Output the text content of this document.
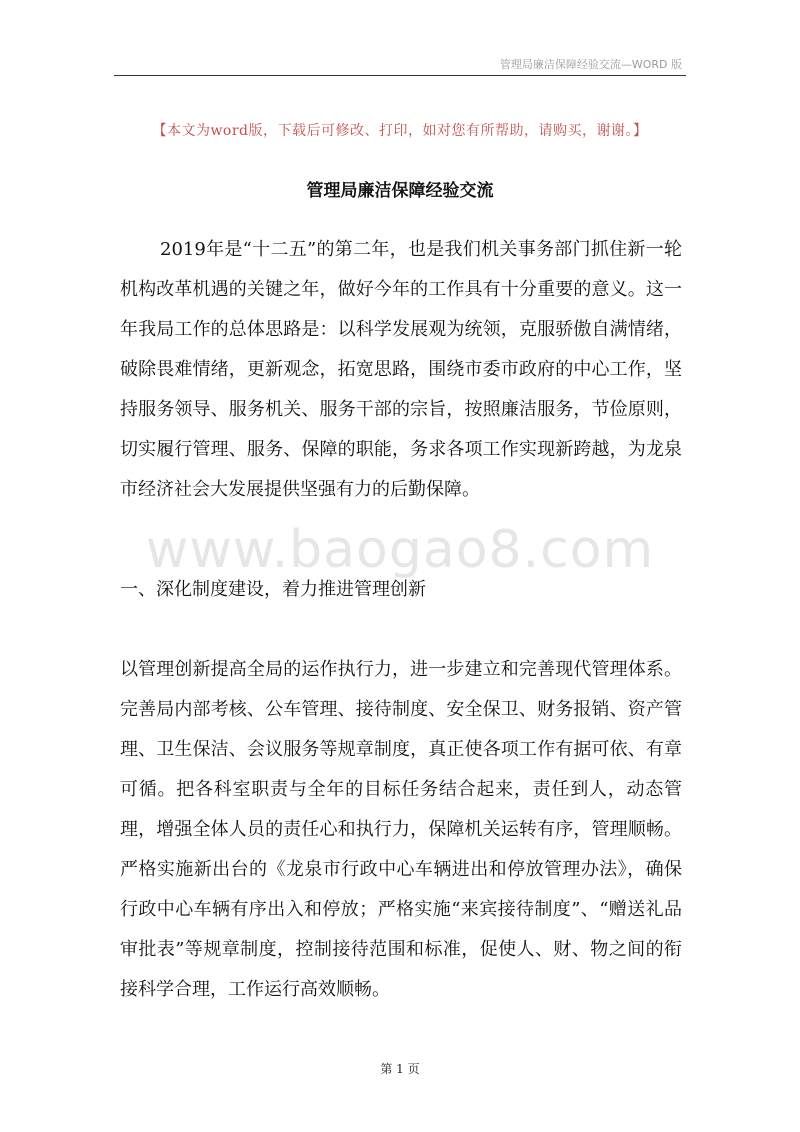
管理局廉洁保障经验交流—WORD 版
【本文为word版，下载后可修改、打印，如对您有所帮助，请购买，谢谢。】
管理局廉洁保障经验交流
2019年是“十二五”的第二年，也是我们机关事务部门抓住新一轮机构改革机遇的关键之年，做好今年的工作具有十分重要的意义。这一年我局工作的总体思路是：以科学发展观为统领，克服骄傲自满情绪，破除畏难情绪，更新观念，拓宽思路，围绕市委市政府的中心工作，坚持服务领导、服务机关、服务干部的宗旨，按照廉洁服务，节俭原则，切实履行管理、服务、保障的职能，务求各项工作实现新跨越，为龙泉市经济社会大发展提供坚强有力的后勤保障。
www.baogao8.com
一、深化制度建设，着力推进管理创新
以管理创新提高全局的运作执行力，进一步建立和完善现代管理体系。完善局内部考核、公车管理、接待制度、安全保卫、财务报销、资产管理、卫生保洁、会议服务等规章制度，真正使各项工作有据可依、有章可循。把各科室职责与全年的目标任务结合起来，责任到人，动态管理，增强全体人员的责任心和执行力，保障机关运转有序，管理顺畅。严格实施新出台的《龙泉市行政中心车辆进出和停放管理办法》，确保行政中心车辆有序出入和停放；严格实施“来宾接待制度”、“赠送礼品审批表”等规章制度，控制接待范围和标准，促使人、财、物之间的衔接科学合理，工作运行高效顺畅。
第 1 页
